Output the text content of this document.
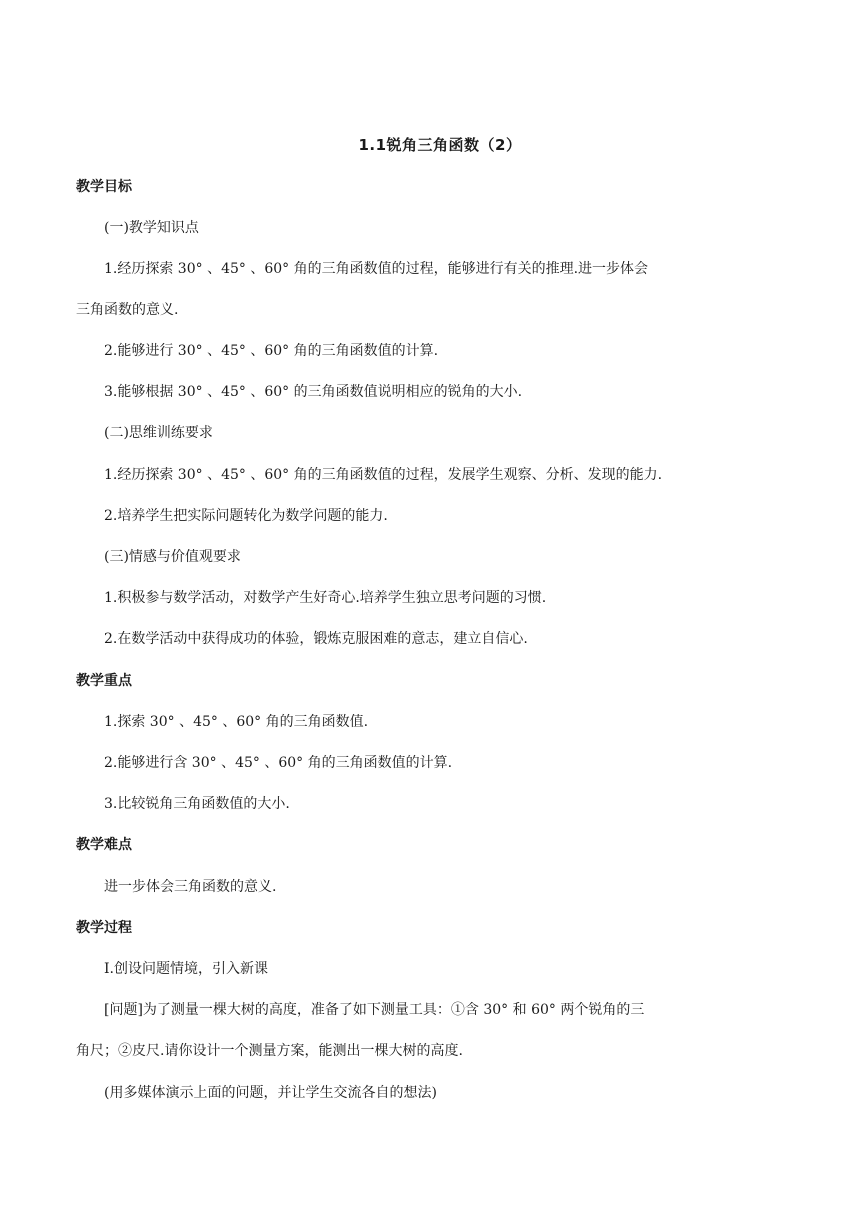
1.1锐角三角函数（2）
教学目标
(一)教学知识点
1.经历探索 30° 、45° 、60° 角的三角函数值的过程，能够进行有关的推理.进一步体会
三角函数的意义.
2.能够进行 30° 、45° 、60° 角的三角函数值的计算.
3.能够根据 30° 、45° 、60° 的三角函数值说明相应的锐角的大小.
(二)思维训练要求
1.经历探索 30° 、45° 、60° 角的三角函数值的过程，发展学生观察、分析、发现的能力.
2.培养学生把实际问题转化为数学问题的能力.
(三)情感与价值观要求
1.积极参与数学活动，对数学产生好奇心.培养学生独立思考问题的习惯.
2.在数学活动中获得成功的体验，锻炼克服困难的意志，建立自信心.
教学重点
1.探索 30° 、45° 、60° 角的三角函数值.
2.能够进行含 30° 、45° 、60° 角的三角函数值的计算.
3.比较锐角三角函数值的大小.
教学难点
进一步体会三角函数的意义.
教学过程
Ⅰ.创设问题情境，引入新课
[问题]为了测量一棵大树的高度，准备了如下测量工具：①含 30° 和 60° 两个锐角的三
角尺；②皮尺.请你设计一个测量方案，能测出一棵大树的高度.
(用多媒体演示上面的问题，并让学生交流各自的想法)
